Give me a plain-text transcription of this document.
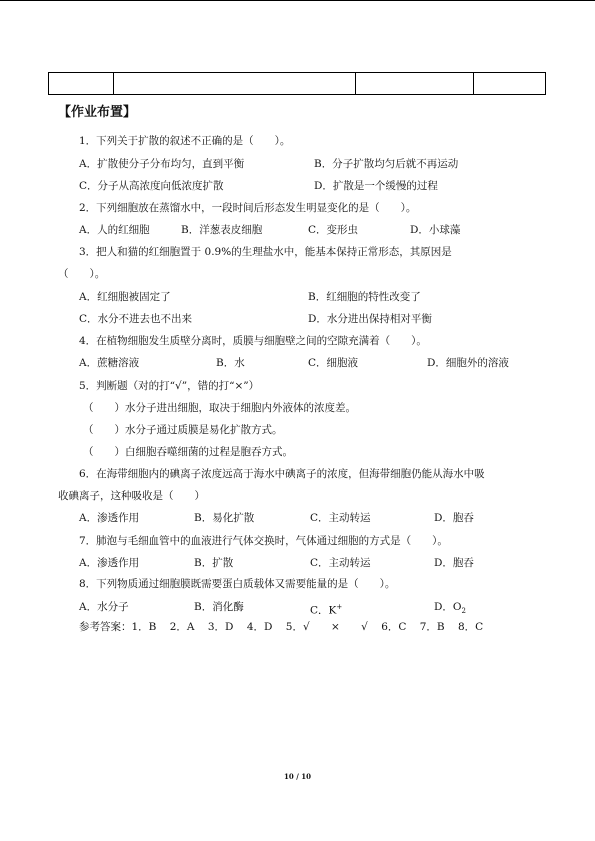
【作业布置】
1．下列关于扩散的叙述不正确的是（　　）。
A．扩散使分子分布均匀，直到平衡	B．分子扩散均匀后就不再运动
C．分子从高浓度向低浓度扩散	D．扩散是一个缓慢的过程
2．下列细胞放在蒸馏水中，一段时间后形态发生明显变化的是（　　）。
A．人的红细胞	B．洋葱表皮细胞	C．变形虫	D．小球藻
3．把人和猫的红细胞置于 0.9%的生理盐水中，能基本保持正常形态，其原因是
（　　）。
A．红细胞被固定了	B．红细胞的特性改变了
C．水分不进去也不出来	D．水分进出保持相对平衡
4．在植物细胞发生质壁分离时，质膜与细胞壁之间的空隙充满着（　　）。
A．蔗糖溶液	B．水	C．细胞液	D．细胞外的溶液
5．判断题（对的打“√”，错的打“×”）
（　　）水分子进出细胞，取决于细胞内外液体的浓度差。
（　　）水分子通过质膜是易化扩散方式。
（　　）白细胞吞噬细菌的过程是胞吞方式。
6．在海带细胞内的碘离子浓度远高于海水中碘离子的浓度，但海带细胞仍能从海水中吸
收碘离子，这种吸收是（　　）
A．渗透作用	B．易化扩散	C．主动转运	D．胞吞
7．肺泡与毛细血管中的血液进行气体交换时，气体通过细胞的方式是（　　）。
A．渗透作用	B．扩散	C．主动转运	D．胞吞
8．下列物质通过细胞膜既需要蛋白质载体又需要能量的是（　　）。
A．水分子	B．消化酶	C．K+	D．$O_2$
参考答案：1．B 2．A 3．D 4．D 5．√ × √ 6．C 7．B 8．C
10 / 10
